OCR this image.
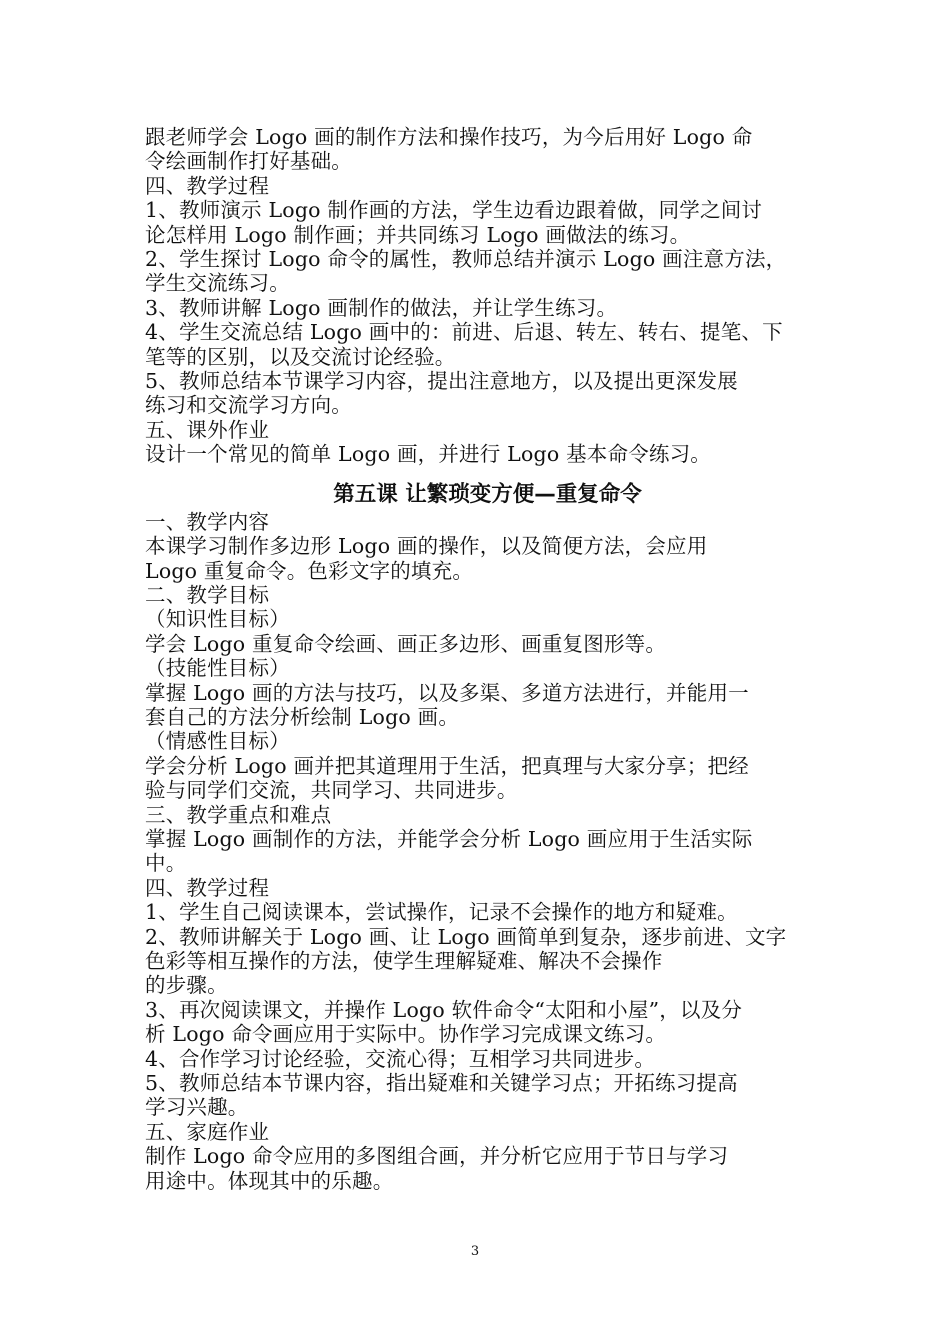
跟老师学会 Logo 画的制作方法和操作技巧，为今后用好 Logo 命
令绘画制作打好基础。
四、教学过程
1、教师演示 Logo 制作画的方法，学生边看边跟着做，同学之间讨
论怎样用 Logo 制作画；并共同练习 Logo 画做法的练习。
2、学生探讨 Logo 命令的属性，教师总结并演示 Logo 画注意方法，
学生交流练习。
3、教师讲解 Logo 画制作的做法，并让学生练习。
4、学生交流总结 Logo 画中的：前进、后退、转左、转右、提笔、下
笔等的区别，以及交流讨论经验。
5、教师总结本节课学习内容，提出注意地方，以及提出更深发展
练习和交流学习方向。
五、课外作业
设计一个常见的简单 Logo 画，并进行 Logo 基本命令练习。
第五课 让繁琐变方便—重复命令
一、教学内容
本课学习制作多边形 Logo 画的操作，以及简便方法，会应用
Logo 重复命令。色彩文字的填充。
二、教学目标
（知识性目标）
学会 Logo 重复命令绘画、画正多边形、画重复图形等。
（技能性目标）
掌握 Logo 画的方法与技巧，以及多渠、多道方法进行，并能用一
套自己的方法分析绘制 Logo 画。
（情感性目标）
学会分析 Logo 画并把其道理用于生活，把真理与大家分享；把经
验与同学们交流，共同学习、共同进步。
三、教学重点和难点
掌握 Logo 画制作的方法，并能学会分析 Logo 画应用于生活实际
中。
四、教学过程
1、学生自己阅读课本，尝试操作，记录不会操作的地方和疑难。
2、教师讲解关于 Logo 画、让 Logo 画简单到复杂，逐步前进、文字
色彩等相互操作的方法，使学生理解疑难、解决不会操作
的步骤。
3、再次阅读课文，并操作 Logo 软件命令“太阳和小屋”，以及分
析 Logo 命令画应用于实际中。协作学习完成课文练习。
4、合作学习讨论经验，交流心得；互相学习共同进步。
5、教师总结本节课内容，指出疑难和关键学习点；开拓练习提高
学习兴趣。
五、家庭作业
制作 Logo 命令应用的多图组合画，并分析它应用于节日与学习
用途中。体现其中的乐趣。
3
